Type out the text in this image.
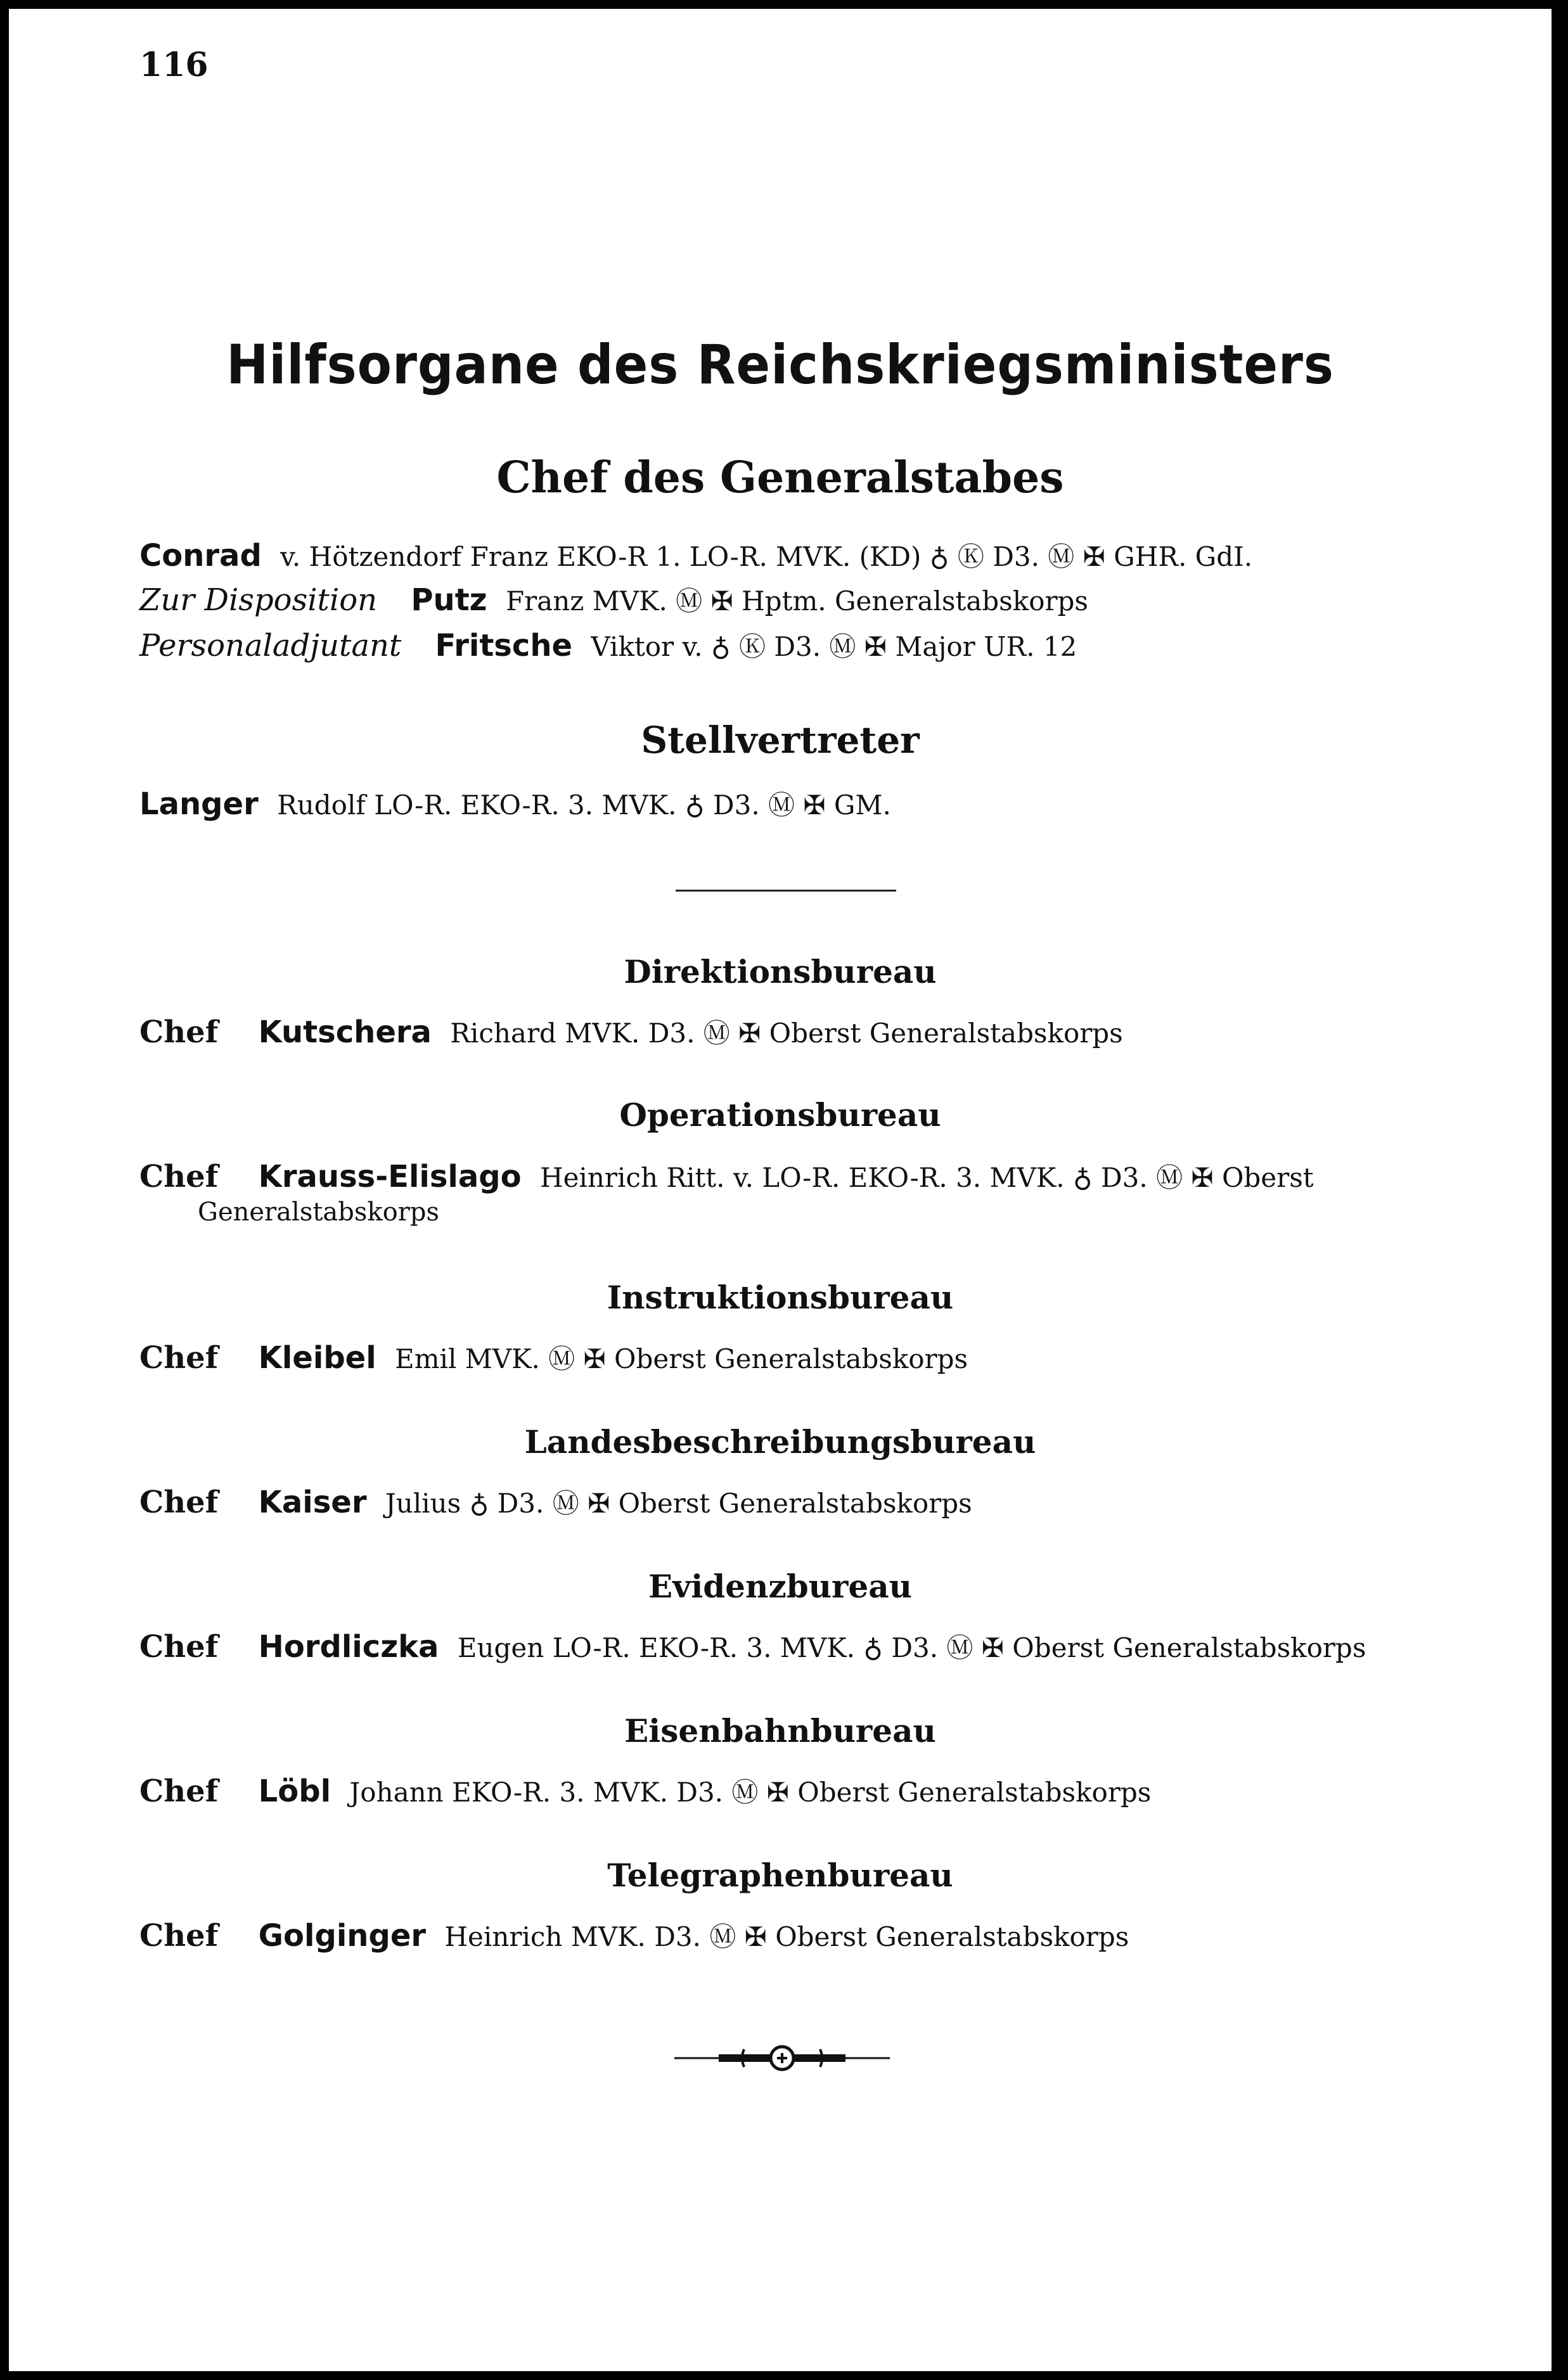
116
Hilfsorgane des Reichskriegsministers
Chef des Generalstabes
Conrad v. Hötzendorf Franz EKO-R 1. LO-R. MVK. (KD) ♁ Ⓚ D3. Ⓜ ✠ GHR. GdI.
Zur Disposition Putz Franz MVK. Ⓜ ✠ Hptm. Generalstabskorps
Personaladjutant Fritsche Viktor v. ♁ Ⓚ D3. Ⓜ ✠ Major UR. 12
Stellvertreter
Langer Rudolf LO-R. EKO-R. 3. MVK. ♁ D3. Ⓜ ✠ GM.
Direktionsbureau
Chef Kutschera Richard MVK. D3. Ⓜ ✠ Oberst Generalstabskorps
Operationsbureau
Chef Krauss-Elislago Heinrich Ritt. v. LO-R. EKO-R. 3. MVK. ♁ D3. Ⓜ ✠ Oberst
Generalstabskorps
Instruktionsbureau
Chef Kleibel Emil MVK. Ⓜ ✠ Oberst Generalstabskorps
Landesbeschreibungsbureau
Chef Kaiser Julius ♁ D3. Ⓜ ✠ Oberst Generalstabskorps
Evidenzbureau
Chef Hordliczka Eugen LO-R. EKO-R. 3. MVK. ♁ D3. Ⓜ ✠ Oberst Generalstabskorps
Eisenbahnbureau
Chef Löbl Johann EKO-R. 3. MVK. D3. Ⓜ ✠ Oberst Generalstabskorps
Telegraphenbureau
Chef Golginger Heinrich MVK. D3. Ⓜ ✠ Oberst Generalstabskorps
